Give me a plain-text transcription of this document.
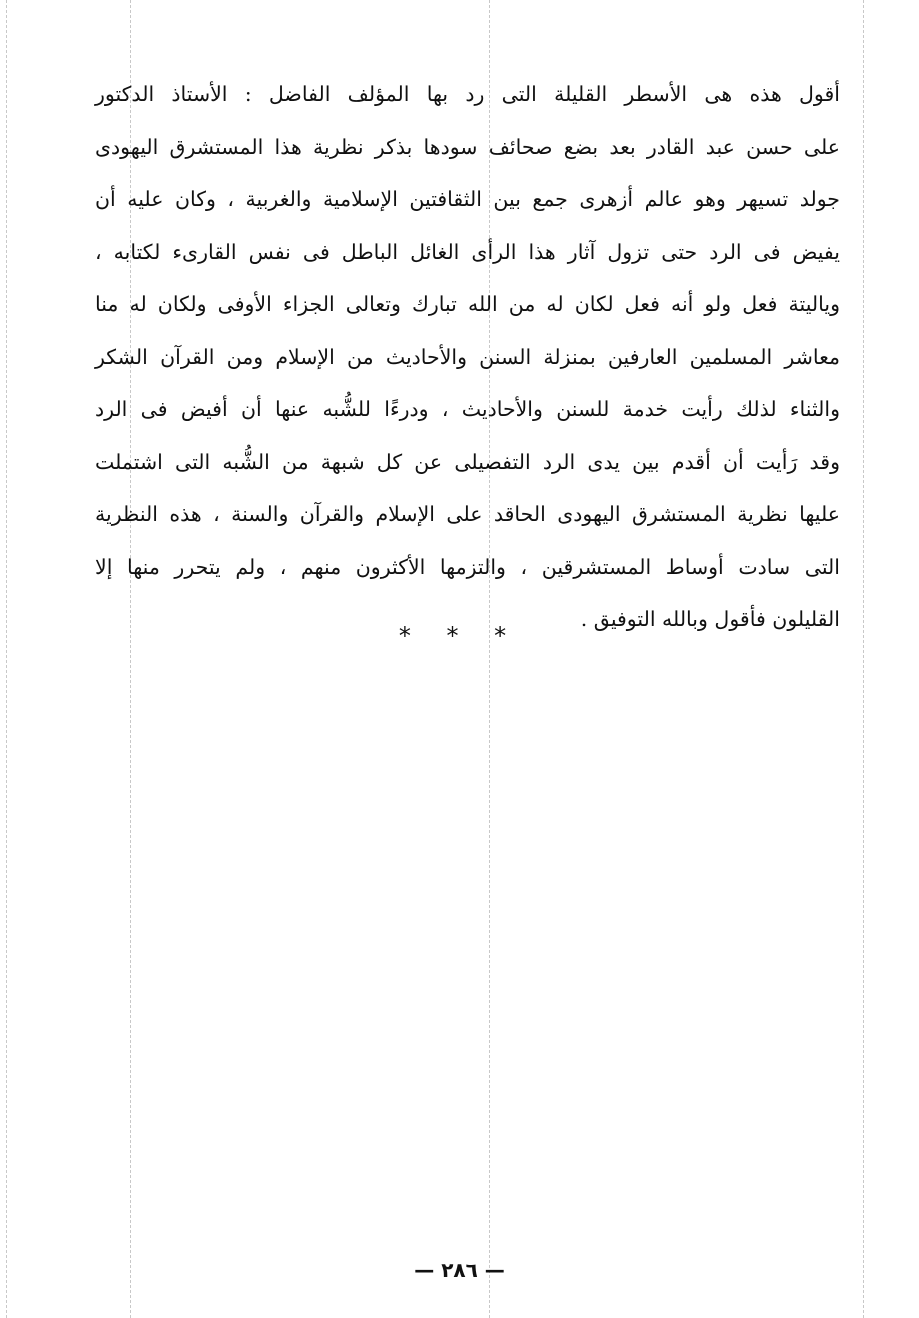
أقول هذه هى الأسطر القليلة التى رد بها المؤلف الفاضل : الأستاذ الدكتور
على حسن عبد القادر بعد بضع صحائف سودها بذكر نظرية هذا المستشرق اليهودى
جولد تسيهر وهو عالم أزهرى جمع بين الثقافتين الإسلامية والغربية ، وكان عليه أن
يفيض فى الرد حتى تزول آثار هذا الرأى الغائل الباطل فى نفس القارىء لكتابه ،
وياليتة فعل ولو أنه فعل لكان له من الله تبارك وتعالى الجزاء الأوفى ولكان له منا
معاشر المسلمين العارفين بمنزلة السنن والأحاديث من الإسلام ومن القرآن الشكر
والثناء لذلك رأيت خدمة للسنن والأحاديث ، ودرءًا للشُّبه عنها أن أفيض فى الرد
وقد رَأيت أن أقدم بين يدى الرد التفصيلى عن كل شبهة من الشُّبه التى اشتملت
عليها نظرية المستشرق اليهودى الحاقد على الإسلام والقرآن والسنة ، هذه النظرية
التى سادت أوساط المستشرقين ، والتزمها الأكثرون منهم ، ولم يتحرر منها إلا
القليلون فأقول وبالله التوفيق .
* * *
— ٢٨٦ —
